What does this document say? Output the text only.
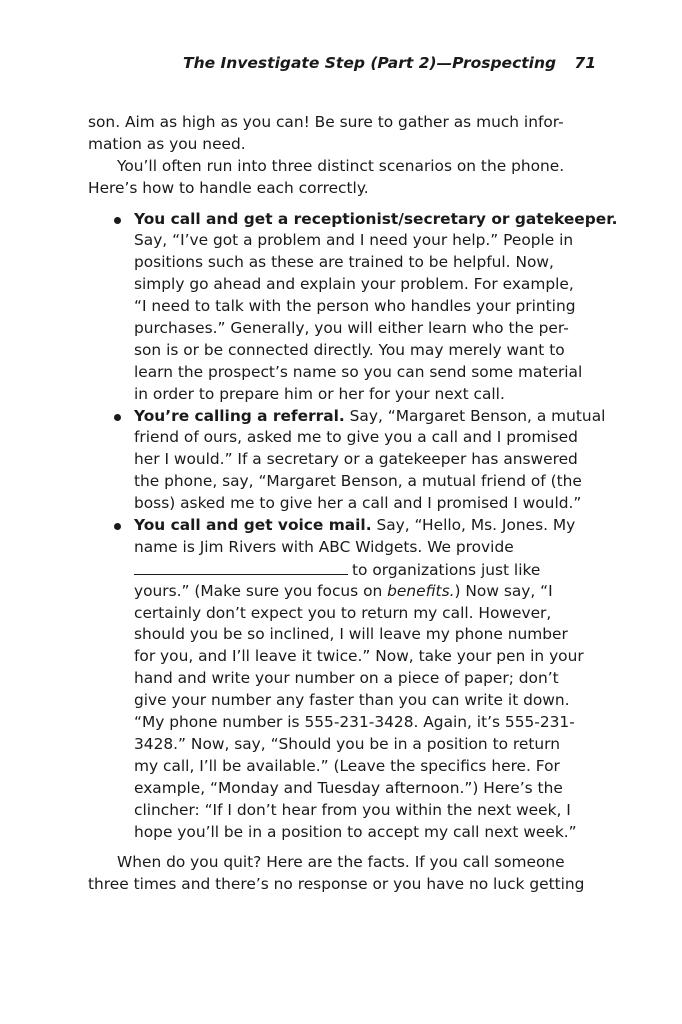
The Investigate Step (Part 2)—Prospecting 71
son. Aim as high as you can! Be sure to gather as much infor-
mation as you need.
You’ll often run into three distinct scenarios on the phone.
Here’s how to handle each correctly.
You call and get a receptionist/secretary or gatekeeper.
Say, “I’ve got a problem and I need your help.” People in
positions such as these are trained to be helpful. Now,
simply go ahead and explain your problem. For example,
“I need to talk with the person who handles your printing
purchases.” Generally, you will either learn who the per-
son is or be connected directly. You may merely want to
learn the prospect’s name so you can send some material
in order to prepare him or her for your next call.
You’re calling a referral. Say, “Margaret Benson, a mutual
friend of ours, asked me to give you a call and I promised
her I would.” If a secretary or a gatekeeper has answered
the phone, say, “Margaret Benson, a mutual friend of (the
boss) asked me to give her a call and I promised I would.”
You call and get voice mail. Say, “Hello, Ms. Jones. My
name is Jim Rivers with ABC Widgets. We provide
to organizations just like
yours.” (Make sure you focus on benefits.) Now say, “I
certainly don’t expect you to return my call. However,
should you be so inclined, I will leave my phone number
for you, and I’ll leave it twice.” Now, take your pen in your
hand and write your number on a piece of paper; don’t
give your number any faster than you can write it down.
“My phone number is 555-231-3428. Again, it’s 555-231-
3428.” Now, say, “Should you be in a position to return
my call, I’ll be available.” (Leave the specifics here. For
example, “Monday and Tuesday afternoon.”) Here’s the
clincher: “If I don’t hear from you within the next week, I
hope you’ll be in a position to accept my call next week.”
When do you quit? Here are the facts. If you call someone
three times and there’s no response or you have no luck getting
